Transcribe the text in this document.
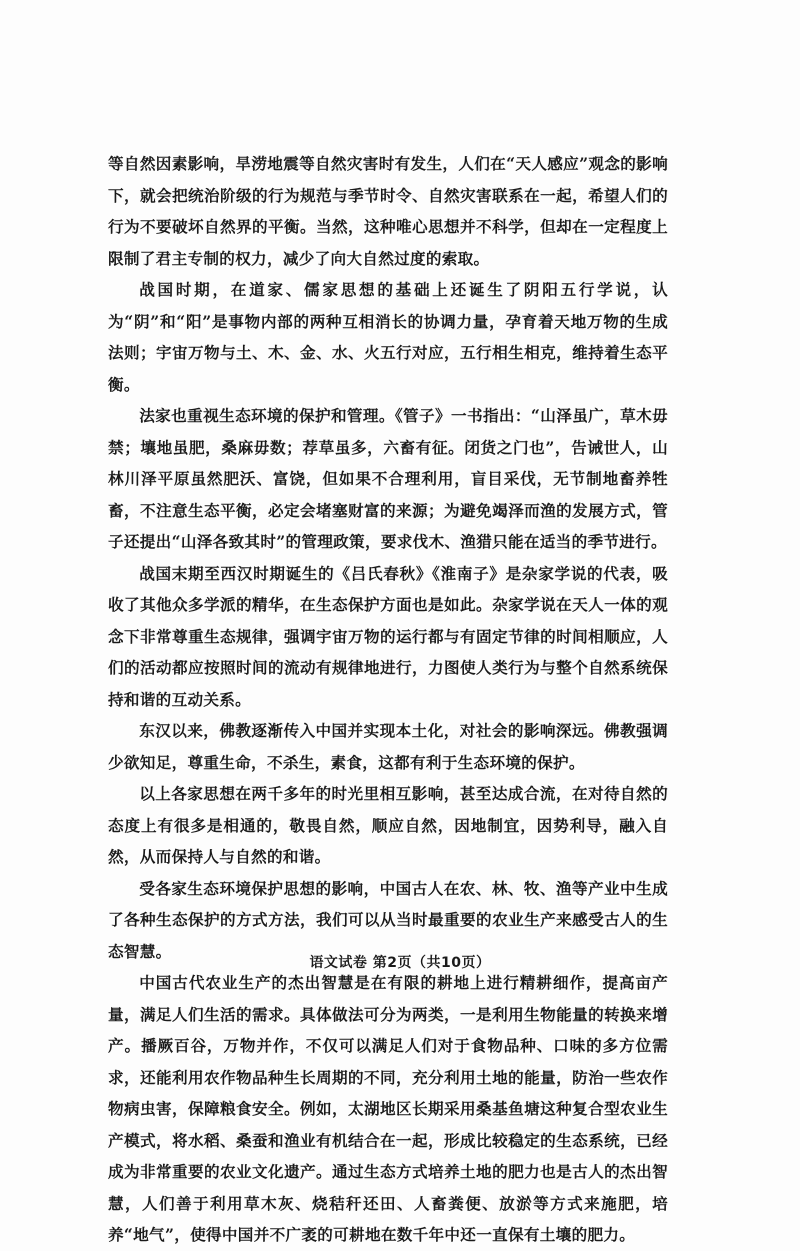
等自然因素影响，旱涝地震等自然灾害时有发生，人们在“天人感应”观念的影响下，就会把统治阶级的行为规范与季节时令、自然灾害联系在一起，希望人们的行为不要破坏自然界的平衡。当然，这种唯心思想并不科学，但却在一定程度上限制了君主专制的权力，减少了向大自然过度的索取。

战国时期，在道家、儒家思想的基础上还诞生了阴阳五行学说，认为“阴”和“阳”是事物内部的两种互相消长的协调力量，孕育着天地万物的生成法则；宇宙万物与土、木、金、水、火五行对应，五行相生相克，维持着生态平衡。

法家也重视生态环境的保护和管理。《管子》一书指出：“山泽虽广，草木毋禁；壤地虽肥，桑麻毋数；荐草虽多，六畜有征。闭货之门也”，告诫世人，山林川泽平原虽然肥沃、富饶，但如果不合理利用，盲目采伐，无节制地畜养牲畜，不注意生态平衡，必定会堵塞财富的来源；为避免竭泽而渔的发展方式，管子还提出“山泽各致其时”的管理政策，要求伐木、渔猎只能在适当的季节进行。

战国末期至西汉时期诞生的《吕氏春秋》《淮南子》是杂家学说的代表，吸收了其他众多学派的精华，在生态保护方面也是如此。杂家学说在天人一体的观念下非常尊重生态规律，强调宇宙万物的运行都与有固定节律的时间相顺应，人们的活动都应按照时间的流动有规律地进行，力图使人类行为与整个自然系统保持和谐的互动关系。

东汉以来，佛教逐渐传入中国并实现本土化，对社会的影响深远。佛教强调少欲知足，尊重生命，不杀生，素食，这都有利于生态环境的保护。

以上各家思想在两千多年的时光里相互影响，甚至达成合流，在对待自然的态度上有很多是相通的，敬畏自然，顺应自然，因地制宜，因势利导，融入自然，从而保持人与自然的和谐。

受各家生态环境保护思想的影响，中国古人在农、林、牧、渔等产业中生成了各种生态保护的方式方法，我们可以从当时最重要的农业生产来感受古人的生态智慧。

中国古代农业生产的杰出智慧是在有限的耕地上进行精耕细作，提高亩产量，满足人们生活的需求。具体做法可分为两类，一是利用生物能量的转换来增产。播厥百谷，万物并作，不仅可以满足人们对于食物品种、口味的多方位需求，还能利用农作物品种生长周期的不同，充分利用土地的能量，防治一些农作物病虫害，保障粮食安全。例如，太湖地区长期采用桑基鱼塘这种复合型农业生产模式，将水稻、桑蚕和渔业有机结合在一起，形成比较稳定的生态系统，已经成为非常重要的农业文化遗产。通过生态方式培养土地的肥力也是古人的杰出智慧，人们善于利用草木灰、烧秸秆还田、人畜粪便、放淤等方式来施肥，培养“地气”，使得中国并不广袤的可耕地在数千年中还一直保有土壤的肥力。

语文试卷 第2页（共10页）
